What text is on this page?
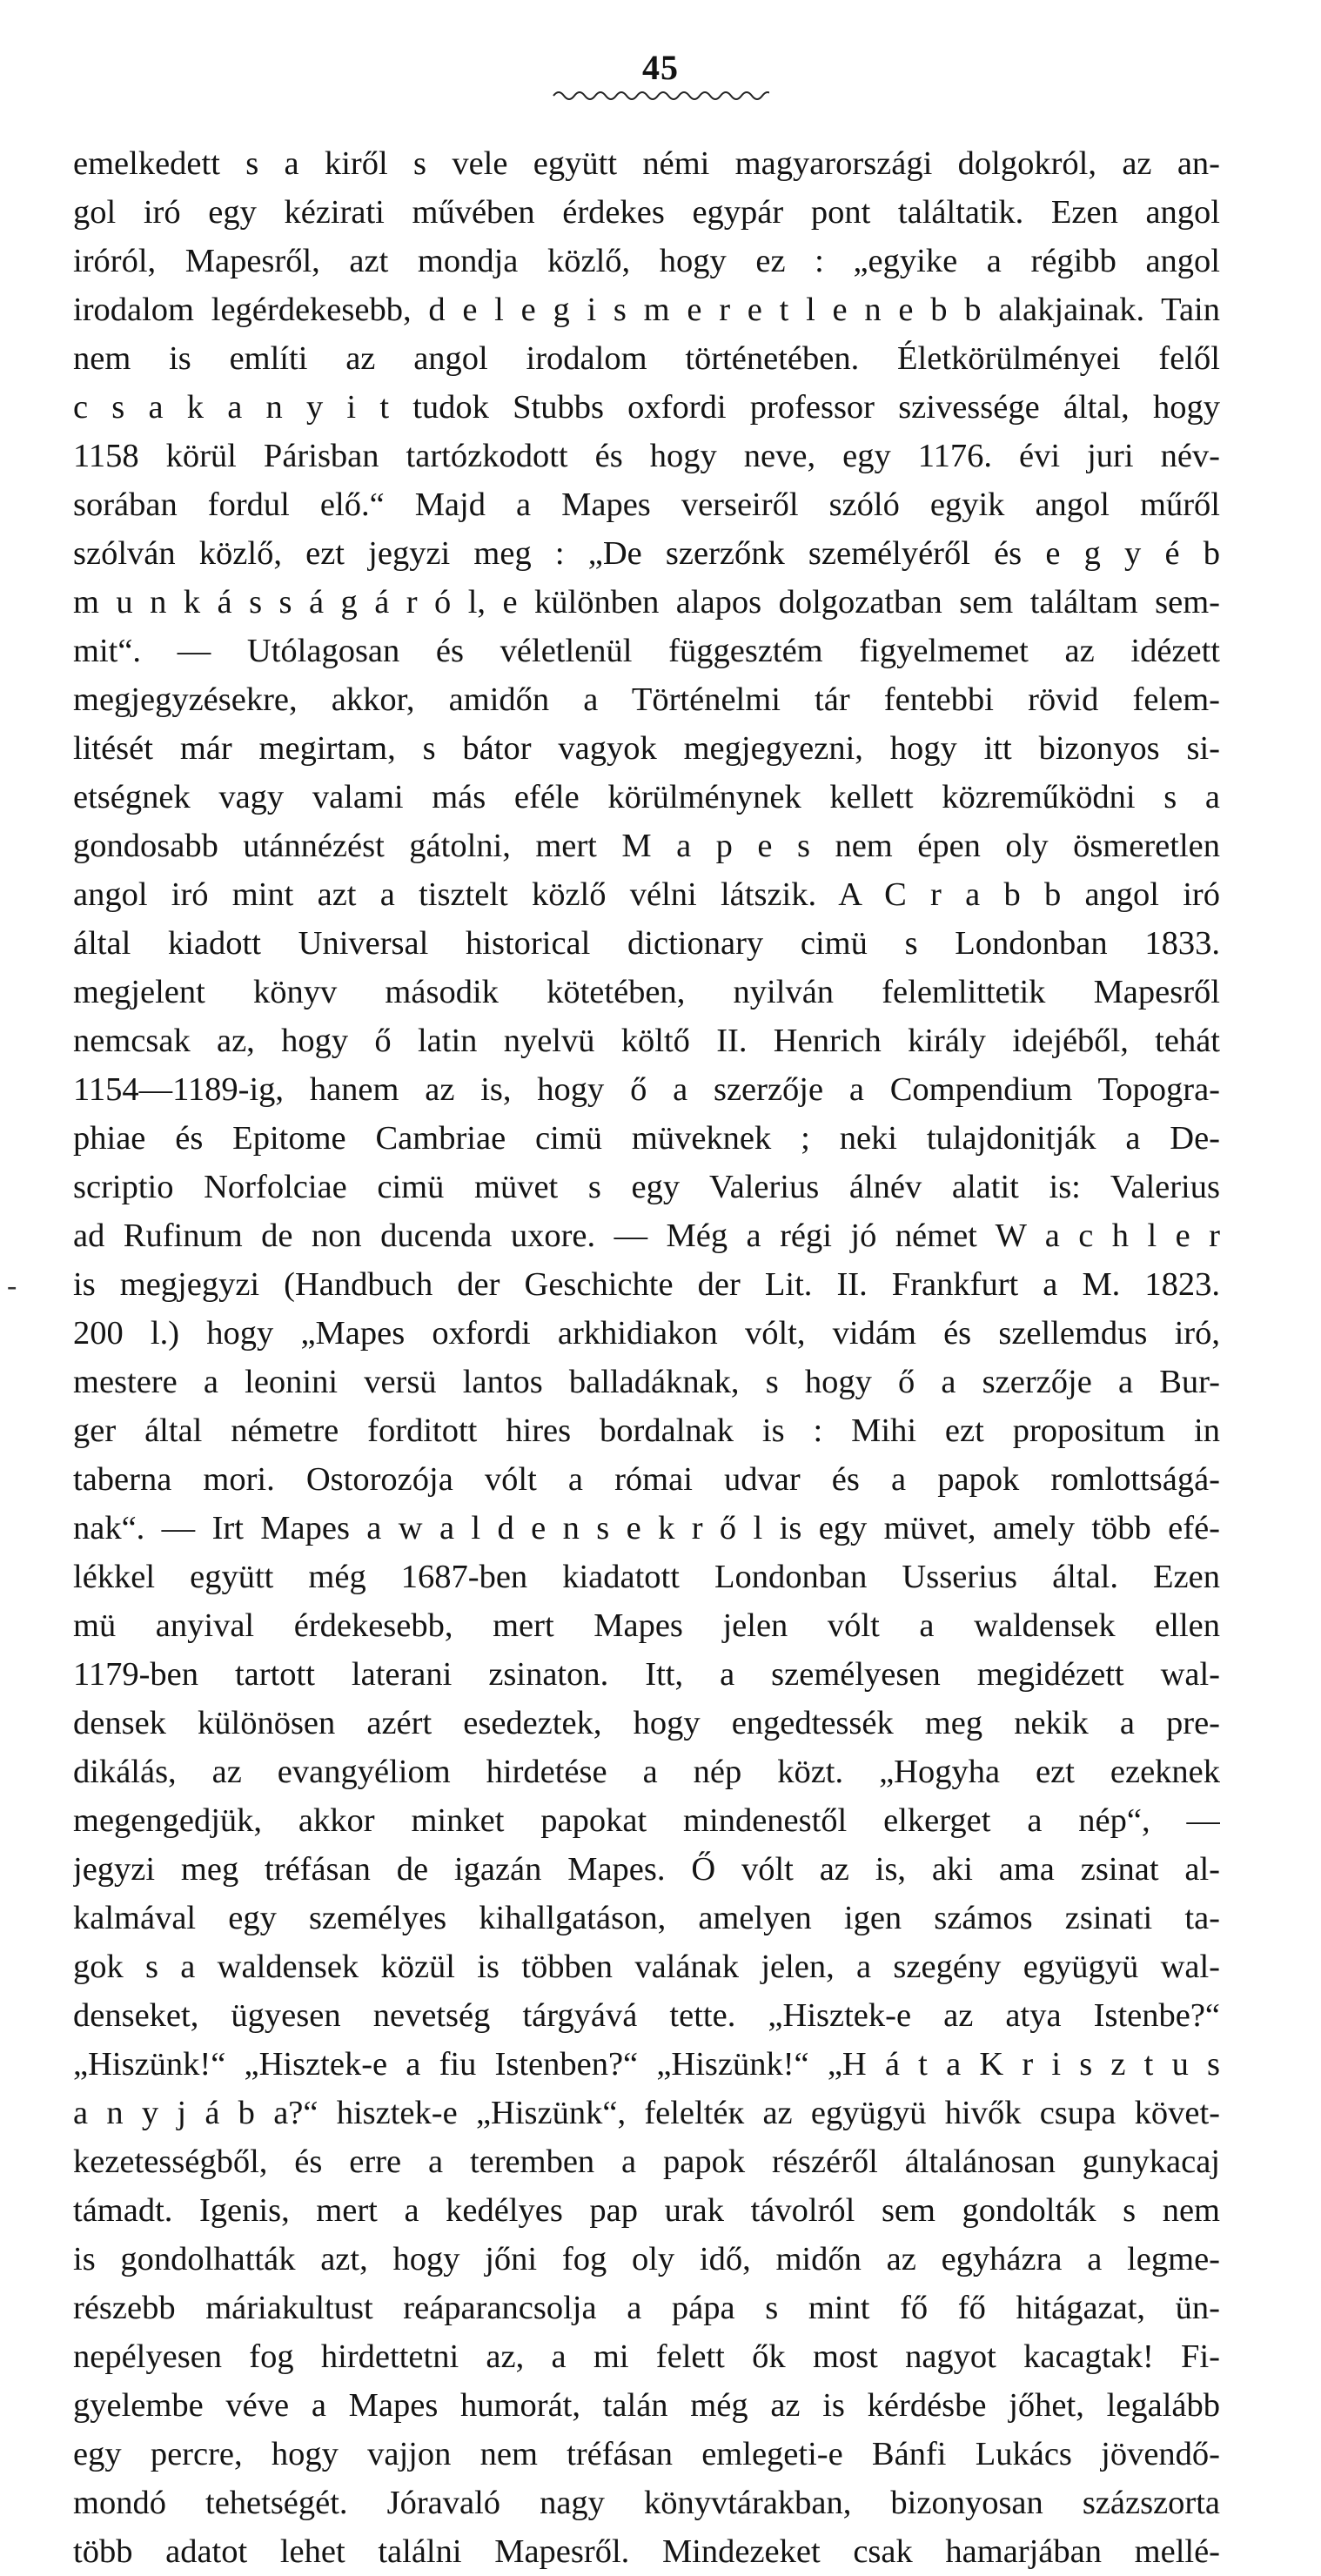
45
-
emelkedett s a kiről s vele együtt némi magyarországi dolgokról, az an-
gol iró egy kézirati művében érdekes egypár pont találtatik. Ezen angol
iróról, Mapesről, azt mondja közlő, hogy ez : „egyike a régibb angol
irodalom legérdekesebb, d e l e g i s m e r e t l e n e b b alakjainak. Tain
nem is említi az angol irodalom történetében. Életkörülményei felől
c s a k a n y i t tudok Stubbs oxfordi professor szivessége által, hogy
1158 körül Párisban tartózkodott és hogy neve, egy 1176. évi juri név-
sorában fordul elő.“ Majd a Mapes verseiről szóló egyik angol műről
szólván közlő, ezt jegyzi meg : „De szerzőnk személyéről és e g y é b
m u n k á s s á g á r ó l, e különben alapos dolgozatban sem találtam sem-
mit“. — Utólagosan és véletlenül függesztém figyelmemet az idézett
megjegyzésekre, akkor, amidőn a Történelmi tár fentebbi rövid felem-
litését már megirtam, s bátor vagyok megjegyezni, hogy itt bizonyos si-
etségnek vagy valami más eféle körülménynek kellett közreműködni s a
gondosabb utánnézést gátolni, mert M a p e s nem épen oly ösmeretlen
angol iró mint azt a tisztelt közlő vélni látszik. A C r a b b angol iró
által kiadott Universal historical dictionary cimü s Londonban 1833.
megjelent könyv második kötetében, nyilván felemlittetik Mapesről
nemcsak az, hogy ő latin nyelvü költő II. Henrich király idejéből, tehát
1154—1189-ig, hanem az is, hogy ő a szerzője a Compendium Topogra-
phiae és Epitome Cambriae cimü müveknek ; neki tulajdonitják a De-
scriptio Norfolciae cimü müvet s egy Valerius álnév alatit is: Valerius
ad Rufinum de non ducenda uxore. — Még a régi jó német W a c h l e r
is megjegyzi (Handbuch der Geschichte der Lit. II. Frankfurt a M. 1823.
200 l.) hogy „Mapes oxfordi arkhidiakon vólt, vidám és szellemdus iró,
mestere a leonini versü lantos balladáknak, s hogy ő a szerzője a Bur-
ger által németre forditott hires bordalnak is : Mihi ezt propositum in
taberna mori. Ostorozója vólt a római udvar és a papok romlottságá-
nak“. — Irt Mapes a w a l d e n s e k r ő l is egy müvet, amely több efé-
lékkel együtt még 1687-ben kiadatott Londonban Usserius által. Ezen
mü anyival érdekesebb, mert Mapes jelen vólt a waldensek ellen
1179-ben tartott laterani zsinaton. Itt, a személyesen megidézett wal-
densek különösen azért esedeztek, hogy engedtessék meg nekik a pre-
dikálás, az evangyéliom hirdetése a nép közt. „Hogyha ezt ezeknek
megengedjük, akkor minket papokat mindenestől elkerget a nép“, —
jegyzi meg tréfásan de igazán Mapes. Ő vólt az is, aki ama zsinat al-
kalmával egy személyes kihallgatáson, amelyen igen számos zsinati ta-
gok s a waldensek közül is többen valának jelen, a szegény együgyü wal-
denseket, ügyesen nevetség tárgyává tette. „Hisztek-e az atya Istenbe?“
„Hiszünk!“ „Hisztek-e a fiu Istenben?“ „Hiszünk!“ „H á t a K r i s z t u s
a n y j á b a?“ hisztek-e „Hiszünk“, feleltéк az együgyü hivők csupa követ-
kezetességből, és erre a teremben a papok részéről általánosan gunykacaj
támadt. Igenis, mert a kedélyes pap urak távolról sem gondolták s nem
is gondolhatták azt, hogy jőni fog oly idő, midőn az egyházra a legme-
részebb máriakultust reáparancsolja a pápa s mint fő fő hitágazat, ün-
nepélyesen fog hirdettetni az, a mi felett ők most nagyot kacagtak! Fi-
gyelembe véve a Mapes humorát, talán még az is kérdésbe jőhet, legalább
egy percre, hogy vajjon nem tréfásan emlegeti-e Bánfi Lukács jövendő-
mondó tehetségét. Jóravaló nagy könyvtárakban, bizonyosan százszorta
több adatot lehet találni Mapesről. Mindezeket csak hamarjában mellé-
